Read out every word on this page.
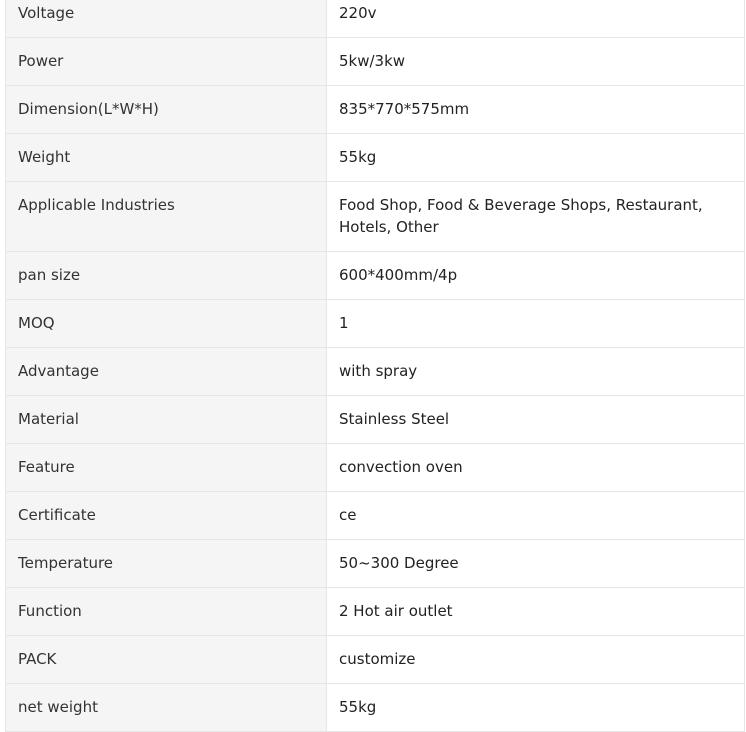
Voltage	220v
Power	5kw/3kw
Dimension(L*W*H)	835*770*575mm
Weight	55kg
Applicable Industries	Food Shop, Food & Beverage Shops, Restaurant, Hotels, Other
pan size	600*400mm/4p
MOQ	1
Advantage	with spray
Material	Stainless Steel
Feature	convection oven
Certificate	ce
Temperature	50~300 Degree
Function	2 Hot air outlet
PACK	customize
net weight	55kg
